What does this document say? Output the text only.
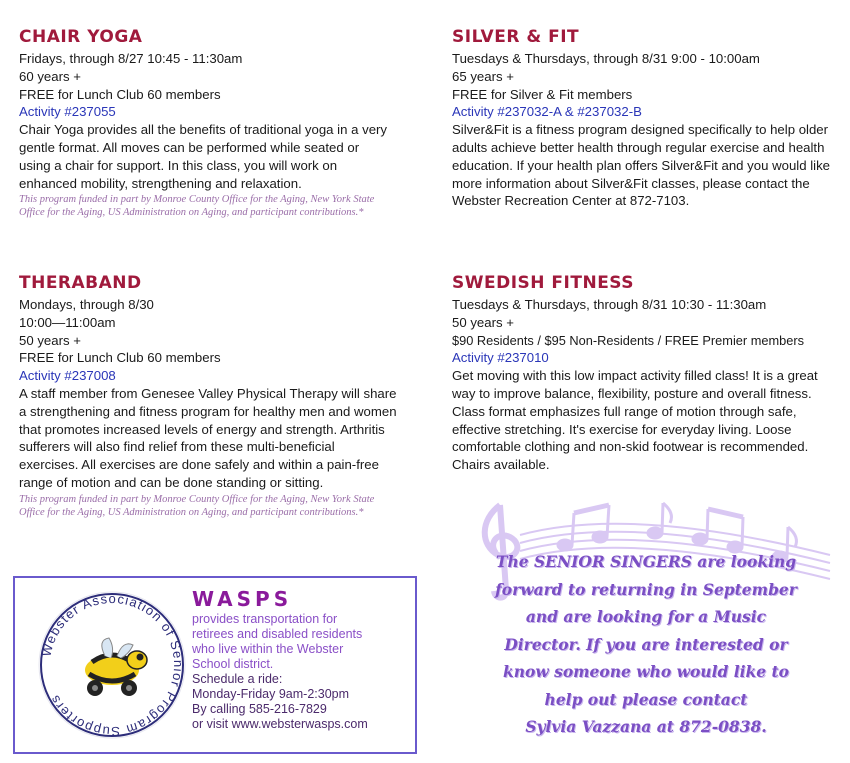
CHAIR YOGA
Fridays, through 8/27 10:45 - 11:30am
60 years +
FREE for Lunch Club 60 members
Activity #237055
Chair Yoga provides all the benefits of traditional yoga in a very gentle format. All moves can be performed while seated or using a chair for support. In this class, you will work on enhanced mobility, strengthening and relaxation.
This program funded in part by Monroe County Office for the Aging, New York State Office for the Aging, US Administration on Aging, and participant contributions.*
SILVER & FIT
Tuesdays & Thursdays, through 8/31 9:00 - 10:00am
65 years +
FREE for Silver & Fit members
Activity #237032-A & #237032-B
Silver&Fit is a fitness program designed specifically to help older adults achieve better health through regular exercise and health education. If your health plan offers Silver&Fit and you would like more information about Silver&Fit classes, please contact the Webster Recreation Center at 872-7103.
THERABAND
Mondays, through 8/30
10:00—11:00am
50 years +
FREE for Lunch Club 60 members
Activity #237008
A staff member from Genesee Valley Physical Therapy will share a strengthening and fitness program for healthy men and women that promotes increased levels of energy and strength. Arthritis sufferers will also find relief from these multi-beneficial exercises. All exercises are done safely and within a pain-free range of motion and can be done standing or sitting.
This program funded in part by Monroe County Office for the Aging, New York State Office for the Aging, US Administration on Aging, and participant contributions.*
SWEDISH FITNESS
Tuesdays & Thursdays, through 8/31 10:30 - 11:30am
50 years +
$90 Residents / $95 Non-Residents / FREE Premier members
Activity #237010
Get moving with this low impact activity filled class! It is a great way to improve balance, flexibility, posture and overall fitness. Class format emphasizes full range of motion through safe, effective stretching. It's exercise for everyday living. Loose comfortable clothing and non-skid footwear is recommended. Chairs available.
Webster Association of Senior Program Supporters
WASPS
provides transportation for
retirees and disabled residents
who live within the Webster
School district.
Schedule a ride:
Monday-Friday 9am-2:30pm
By calling 585-216-7829
or visit www.websterwasps.com
The SENIOR SINGERS are looking
forward to returning in September
and are looking for a Music
Director. If you are interested or
know someone who would like to
help out please contact
Sylvia Vazzana at 872-0838.
